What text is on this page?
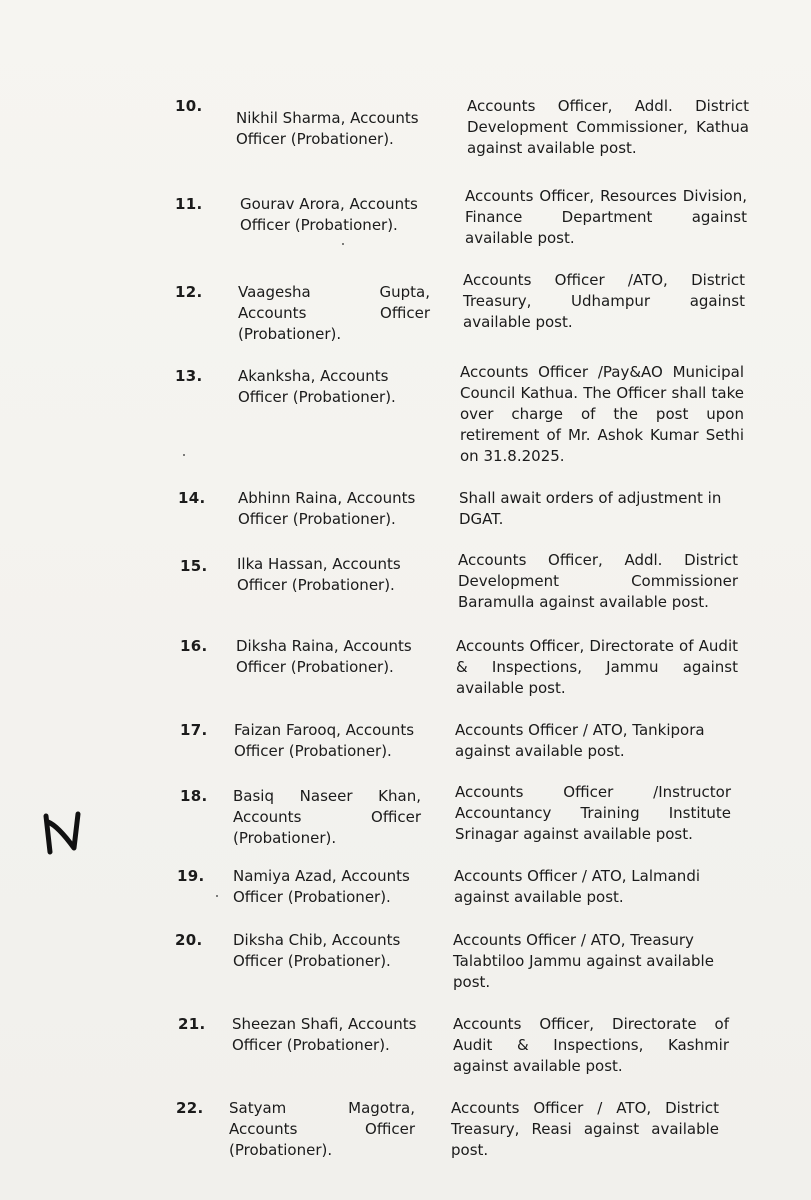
10.
Nikhil Sharma, Accounts Officer (Probationer).
Accounts Officer, Addl. District Development Commissioner, Kathua against available post.
11.	Gourav Arora, Accounts Officer (Probationer).
Accounts Officer, Resources Division, Finance Department against available post.
12.	Vaagesha Gupta, Accounts Officer (Probationer).
Accounts Officer /ATO, District Treasury, Udhampur against available post.
13.	Akanksha, Accounts Officer (Probationer).
Accounts Officer /Pay&AO Municipal Council Kathua. The Officer shall take over charge of the post upon retirement of Mr. Ashok Kumar Sethi on 31.8.2025.
14.	Abhinn Raina, Accounts Officer (Probationer).
Shall await orders of adjustment in DGAT.
15.	Ilka Hassan, Accounts Officer (Probationer).
Accounts Officer, Addl. District Development Commissioner Baramulla against available post.
16.	Diksha Raina, Accounts Officer (Probationer).
Accounts Officer, Directorate of Audit & Inspections, Jammu against available post.
17.	Faizan Farooq, Accounts Officer (Probationer).
Accounts Officer / ATO, Tankipora against available post.
18.	Basiq Naseer Khan, Accounts Officer (Probationer).
Accounts Officer /Instructor Accountancy Training Institute Srinagar against available post.
19.	Namiya Azad, Accounts Officer (Probationer).
Accounts Officer / ATO, Lalmandi against available post.
20.	Diksha Chib, Accounts Officer (Probationer).
Accounts Officer / ATO, Treasury Talabtiloo Jammu against available post.
21.	Sheezan Shafi, Accounts Officer (Probationer).
Accounts Officer, Directorate of Audit & Inspections, Kashmir against available post.
22.	Satyam Magotra, Accounts Officer (Probationer).
Accounts Officer / ATO, District Treasury, Reasi against available post.
